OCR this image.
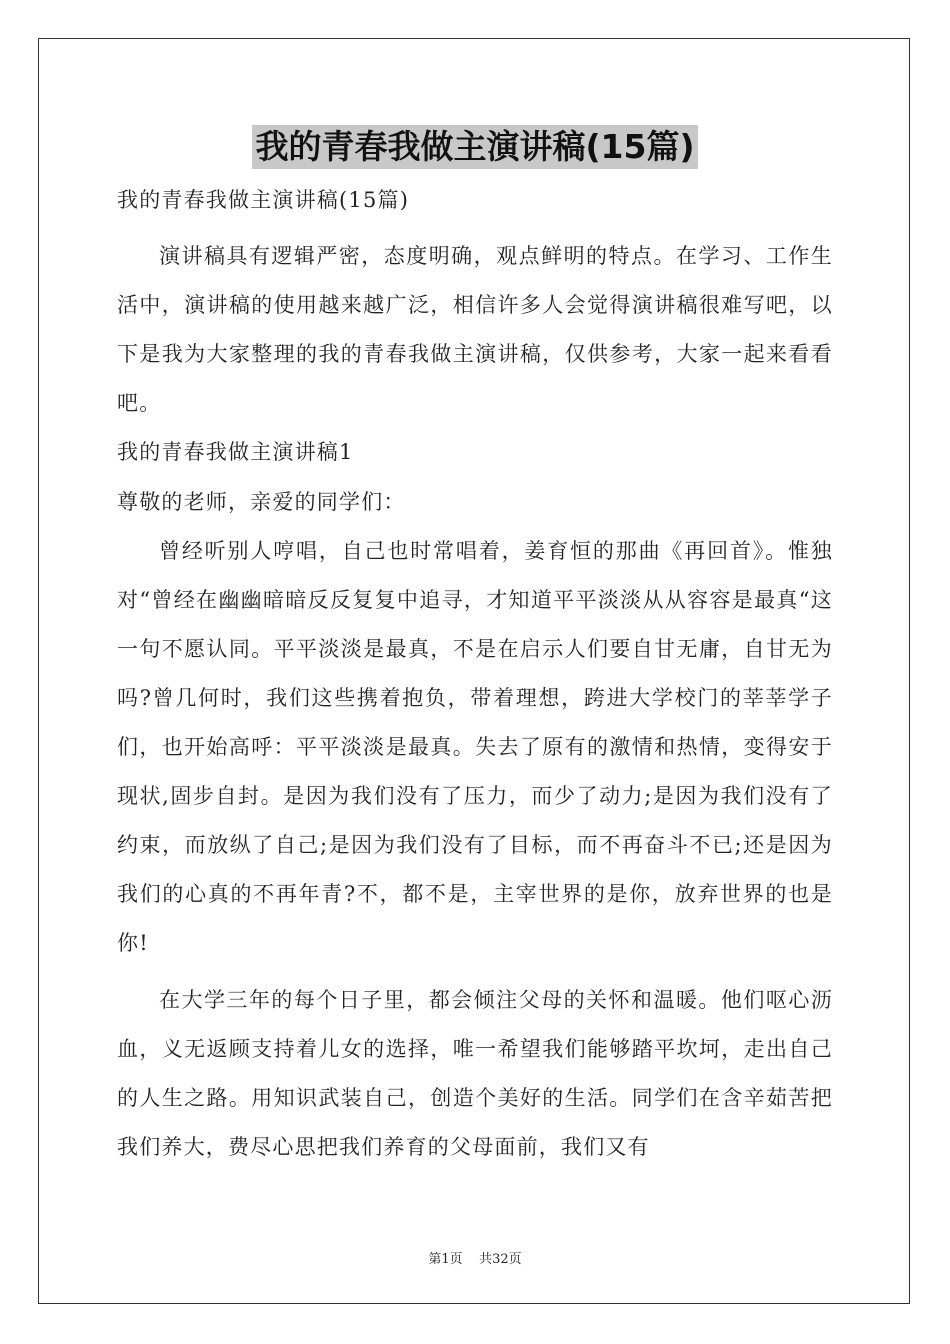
我的青春我做主演讲稿(15篇)

我的青春我做主演讲稿(15篇)

演讲稿具有逻辑严密，态度明确，观点鲜明的特点。在学习、工作生活中，演讲稿的使用越来越广泛，相信许多人会觉得演讲稿很难写吧，以下是我为大家整理的我的青春我做主演讲稿，仅供参考，大家一起来看看吧。

我的青春我做主演讲稿1

尊敬的老师，亲爱的同学们：

曾经听别人哼唱，自己也时常唱着，姜育恒的那曲《再回首》。惟独对“曾经在幽幽暗暗反反复复中追寻，才知道平平淡淡从从容容是最真“这一句不愿认同。平平淡淡是最真，不是在启示人们要自甘无庸，自甘无为吗?曾几何时，我们这些携着抱负，带着理想，跨进大学校门的莘莘学子们，也开始高呼：平平淡淡是最真。失去了原有的激情和热情，变得安于现状,固步自封。是因为我们没有了压力，而少了动力;是因为我们没有了约束，而放纵了自己;是因为我们没有了目标，而不再奋斗不已;还是因为我们的心真的不再年青?不，都不是，主宰世界的是你，放弃世界的也是你!

在大学三年的每个日子里，都会倾注父母的关怀和温暖。他们呕心沥血，义无返顾支持着儿女的选择，唯一希望我们能够踏平坎坷，走出自己的人生之路。用知识武装自己，创造个美好的生活。同学们在含辛茹苦把我们养大，费尽心思把我们养育的父母面前，我们又有

第1页 共32页
